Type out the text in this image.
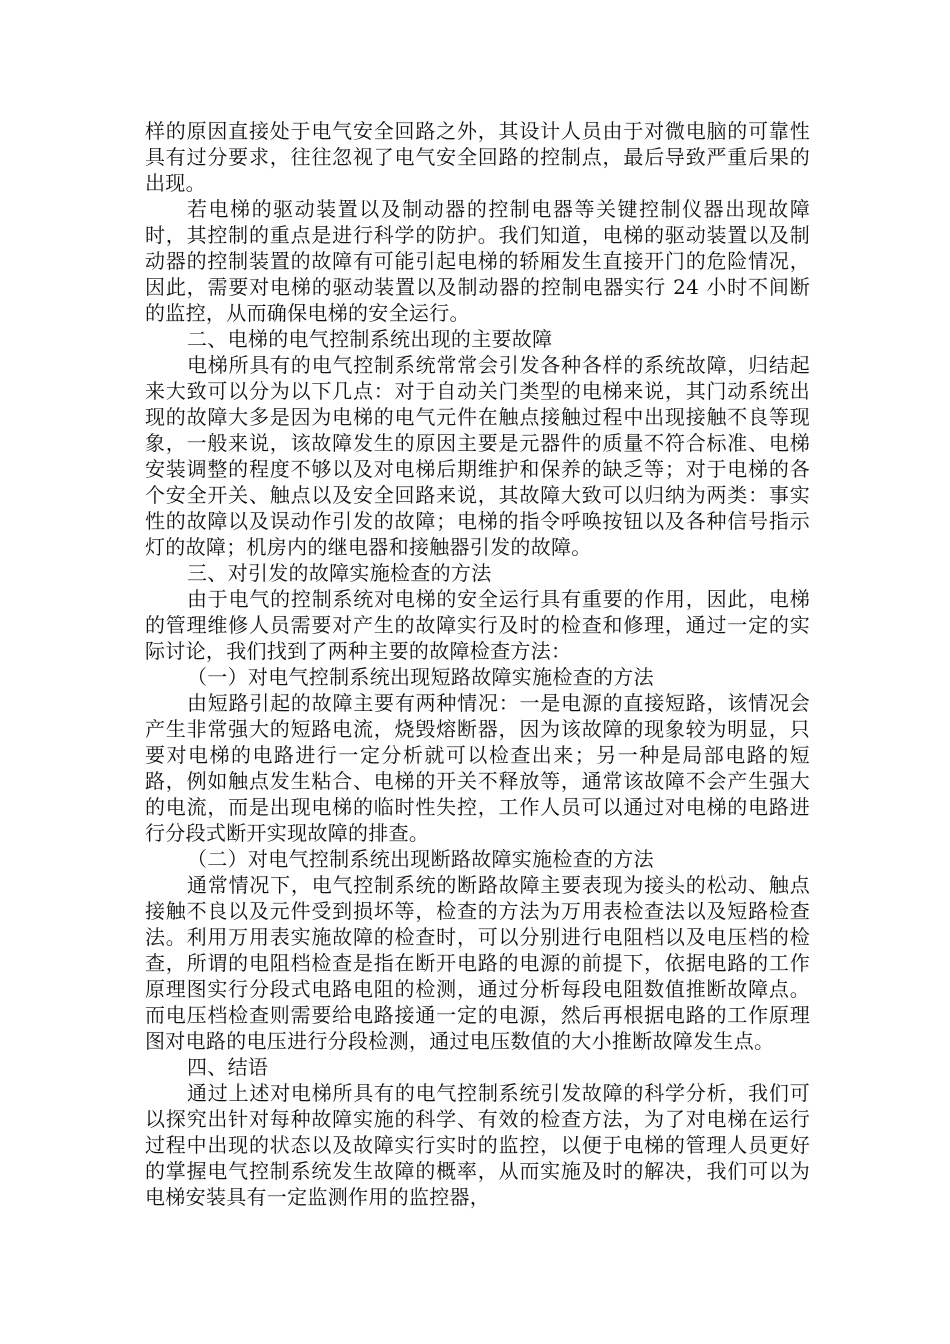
样的原因直接处于电气安全回路之外，其设计人员由于对微电脑的可靠性具有过分要求，往往忽视了电气安全回路的控制点，最后导致严重后果的出现。

若电梯的驱动装置以及制动器的控制电器等关键控制仪器出现故障时，其控制的重点是进行科学的防护。我们知道，电梯的驱动装置以及制动器的控制装置的故障有可能引起电梯的轿厢发生直接开门的危险情况，因此，需要对电梯的驱动装置以及制动器的控制电器实行 24 小时不间断的监控，从而确保电梯的安全运行。

二、电梯的电气控制系统出现的主要故障

电梯所具有的电气控制系统常常会引发各种各样的系统故障，归结起来大致可以分为以下几点：对于自动关门类型的电梯来说，其门动系统出现的故障大多是因为电梯的电气元件在触点接触过程中出现接触不良等现象，一般来说，该故障发生的原因主要是元器件的质量不符合标准、电梯安装调整的程度不够以及对电梯后期维护和保养的缺乏等；对于电梯的各个安全开关、触点以及安全回路来说，其故障大致可以归纳为两类：事实性的故障以及误动作引发的故障；电梯的指令呼唤按钮以及各种信号指示灯的故障；机房内的继电器和接触器引发的故障。

三、对引发的故障实施检查的方法

由于电气的控制系统对电梯的安全运行具有重要的作用，因此，电梯的管理维修人员需要对产生的故障实行及时的检查和修理，通过一定的实际讨论，我们找到了两种主要的故障检查方法：

（一）对电气控制系统出现短路故障实施检查的方法

由短路引起的故障主要有两种情况：一是电源的直接短路，该情况会产生非常强大的短路电流，烧毁熔断器，因为该故障的现象较为明显，只要对电梯的电路进行一定分析就可以检查出来；另一种是局部电路的短路，例如触点发生粘合、电梯的开关不释放等，通常该故障不会产生强大的电流，而是出现电梯的临时性失控，工作人员可以通过对电梯的电路进行分段式断开实现故障的排查。

（二）对电气控制系统出现断路故障实施检查的方法

通常情况下，电气控制系统的断路故障主要表现为接头的松动、触点接触不良以及元件受到损坏等，检查的方法为万用表检查法以及短路检查法。利用万用表实施故障的检查时，可以分别进行电阻档以及电压档的检查，所谓的电阻档检查是指在断开电路的电源的前提下，依据电路的工作原理图实行分段式电路电阻的检测，通过分析每段电阻数值推断故障点。而电压档检查则需要给电路接通一定的电源，然后再根据电路的工作原理图对电路的电压进行分段检测，通过电压数值的大小推断故障发生点。

四、结语

通过上述对电梯所具有的电气控制系统引发故障的科学分析，我们可以探究出针对每种故障实施的科学、有效的检查方法，为了对电梯在运行过程中出现的状态以及故障实行实时的监控，以便于电梯的管理人员更好的掌握电气控制系统发生故障的概率，从而实施及时的解决，我们可以为电梯安装具有一定监测作用的监控器，
